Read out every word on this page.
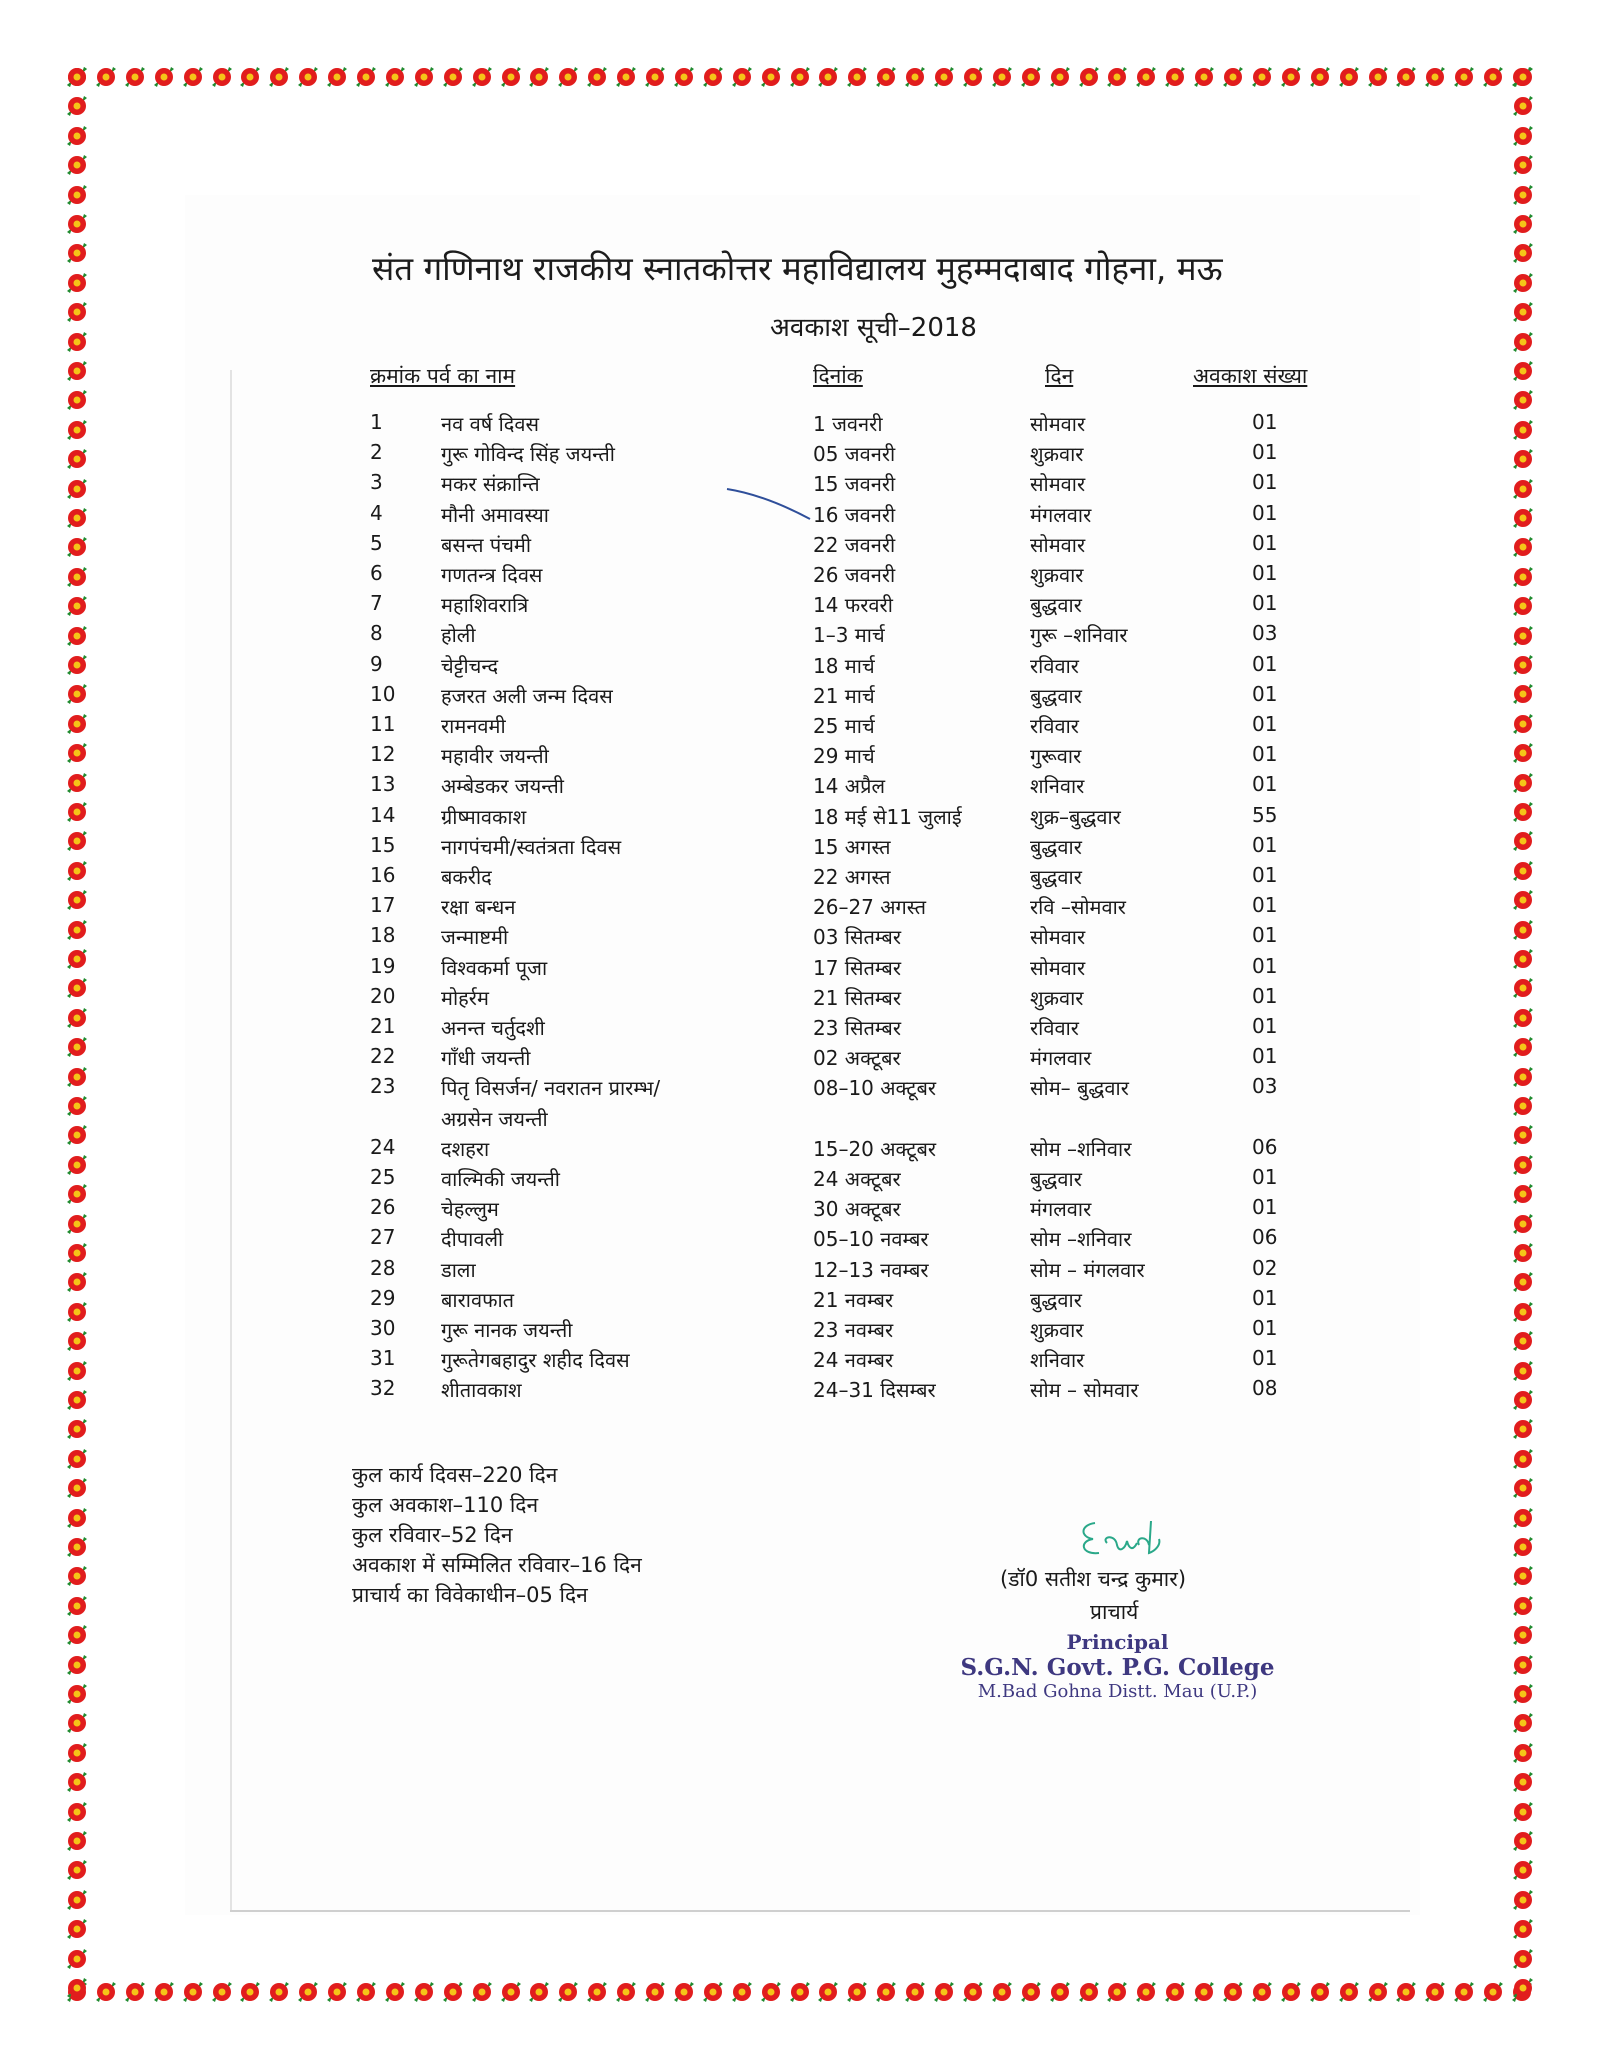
संत गणिनाथ राजकीय स्नातकोत्तर महाविद्यालय मुहम्मदाबाद गोहना, मऊ
अवकाश सूची–2018
क्रमांक पर्व का नाम	दिनांक	दिन	अवकाश संख्या
1	नव वर्ष दिवस	1 जवनरी	सोमवार	01
2	गुरू गोविन्द सिंह जयन्ती	05 जवनरी	शुक्रवार	01
3	मकर संक्रान्ति	15 जवनरी	सोमवार	01
4	मौनी अमावस्या	16 जवनरी	मंगलवार	01
5	बसन्त पंचमी	22 जवनरी	सोमवार	01
6	गणतन्त्र दिवस	26 जवनरी	शुक्रवार	01
7	महाशिवरात्रि	14 फरवरी	बुद्धवार	01
8	होली	1–3 मार्च	गुरू –शनिवार	03
9	चेट्टीचन्द	18 मार्च	रविवार	01
10 हजरत अली जन्म दिवस	21 मार्च	बुद्धवार	01
11 रामनवमी	25 मार्च	रविवार	01
12 महावीर जयन्ती	29 मार्च	गुरूवार	01
13 अम्बेडकर जयन्ती	14 अप्रैल	शनिवार	01
14 ग्रीष्मावकाश	18 मई से11 जुलाई	शुक्र–बुद्धवार	55
15 नागपंचमी/स्वतंत्रता दिवस	15 अगस्त	बुद्धवार	01
16 बकरीद	22 अगस्त	बुद्धवार	01
17 रक्षा बन्धन	26–27 अगस्त	रवि –सोमवार	01
18 जन्माष्टमी	03 सितम्बर	सोमवार	01
19 विश्वकर्मा पूजा	17 सितम्बर	सोमवार	01
20 मोहर्रम	21 सितम्बर	शुक्रवार	01
21 अनन्त चर्तुदशी	23 सितम्बर	रविवार	01
22 गाँधी जयन्ती	02 अक्टूबर	मंगलवार	01
23 पितृ विसर्जन/ नवरातन प्रारम्भ/	08–10 अक्टूबर	सोम– बुद्धवार	03
अग्रसेन जयन्ती
24 दशहरा	15–20 अक्टूबर	सोम –शनिवार	06
25 वाल्मिकी जयन्ती	24 अक्टूबर	बुद्धवार	01
26 चेहल्लुम	30 अक्टूबर	मंगलवार	01
27 दीपावली	05–10 नवम्बर	सोम –शनिवार	06
28 डाला	12–13 नवम्बर	सोम – मंगलवार	02
29 बारावफात	21 नवम्बर	बुद्धवार	01
30 गुरू नानक जयन्ती	23 नवम्बर	शुक्रवार	01
31 गुरूतेगबहादुर शहीद दिवस	24 नवम्बर	शनिवार	01
32 शीतावकाश	24–31 दिसम्बर	सोम – सोमवार	08
कुल कार्य दिवस–220 दिन
कुल अवकाश–110 दिन
कुल रविवार–52 दिन
अवकाश में सम्मिलित रविवार–16 दिन
प्राचार्य का विवेकाधीन–05 दिन
(डॉ0 सतीश चन्द्र कुमार)
प्राचार्य
Principal
S.G.N. Govt. P.G. College
M.Bad Gohna Distt. Mau (U.P.)
